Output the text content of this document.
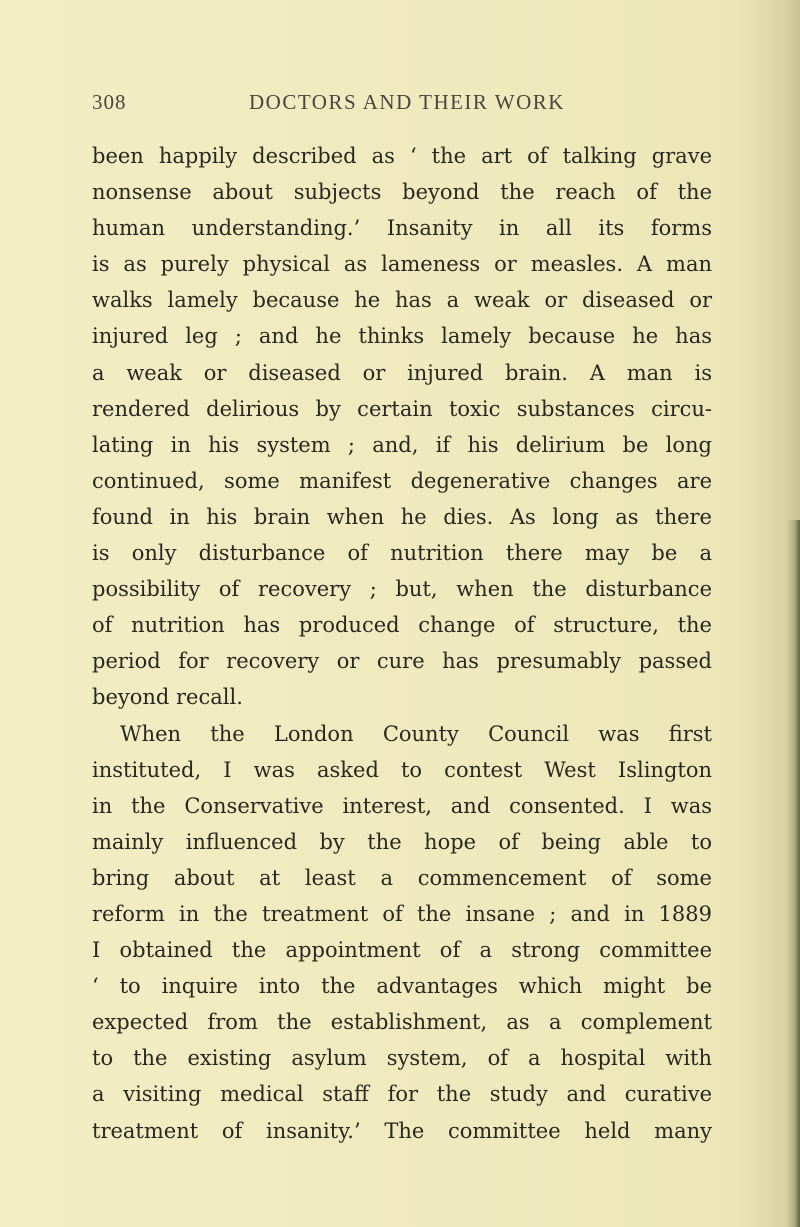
308	DOCTORS AND THEIR WORK
been happily described as ‘ the art of talking grave
nonsense about subjects beyond the reach of the
human understanding.’ Insanity in all its forms
is as purely physical as lameness or measles. A man
walks lamely because he has a weak or diseased or
injured leg ; and he thinks lamely because he has
a weak or diseased or injured brain. A man is
rendered delirious by certain toxic substances circu-
lating in his system ; and, if his delirium be long
continued, some manifest degenerative changes are
found in his brain when he dies. As long as there
is only disturbance of nutrition there may be a
possibility of recovery ; but, when the disturbance
of nutrition has produced change of structure, the
period for recovery or cure has presumably passed
beyond recall.
When the London County Council was first
instituted, I was asked to contest West Islington
in the Conservative interest, and consented. I was
mainly influenced by the hope of being able to
bring about at least a commencement of some
reform in the treatment of the insane ; and in 1889
I obtained the appointment of a strong committee
‘ to inquire into the advantages which might be
expected from the establishment, as a complement
to the existing asylum system, of a hospital with
a visiting medical staff for the study and curative
treatment of insanity.’ The committee held many
